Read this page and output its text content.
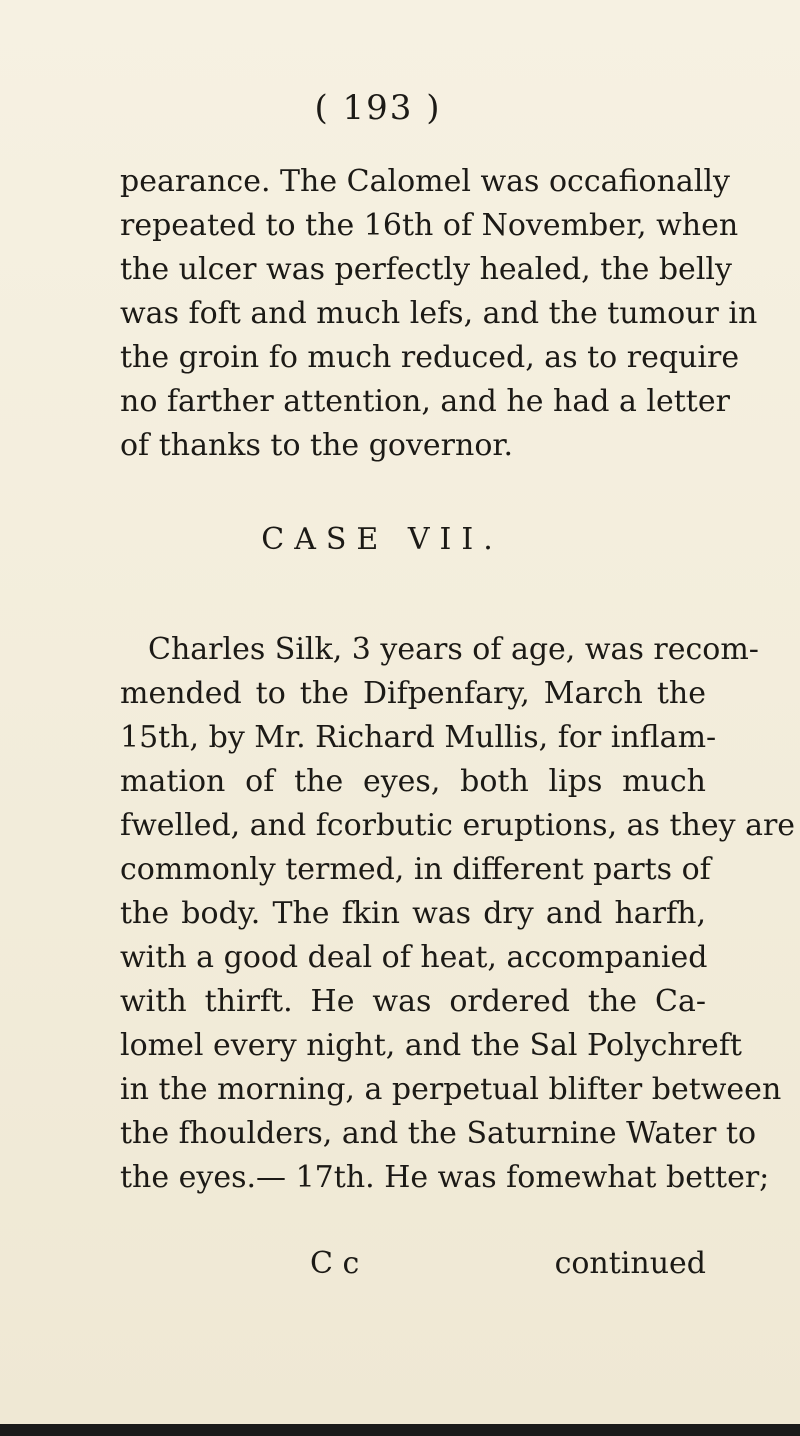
( 193 )
pearance. The Calomel was occafionally
repeated to the 16th of November, when
the ulcer was perfectly healed, the belly
was foft and much lefs, and the tumour in
the groin fo much reduced, as to require
no farther attention, and he had a letter
of thanks to the governor.
CASE VII.
Charles Silk, 3 years of age, was recom-
mended to the Difpenfary, March the
15th, by Mr. Richard Mullis, for inflam-
mation of the eyes, both lips much
fwelled, and fcorbutic eruptions, as they are
commonly termed, in different parts of
the body. The fkin was dry and harfh,
with a good deal of heat, accompanied
with thirft. He was ordered the Ca-
lomel every night, and the Sal Polychreft
in the morning, a perpetual blifter between
the fhoulders, and the Saturnine Water to
the eyes.— 17th. He was fomewhat better;
C c	continued
